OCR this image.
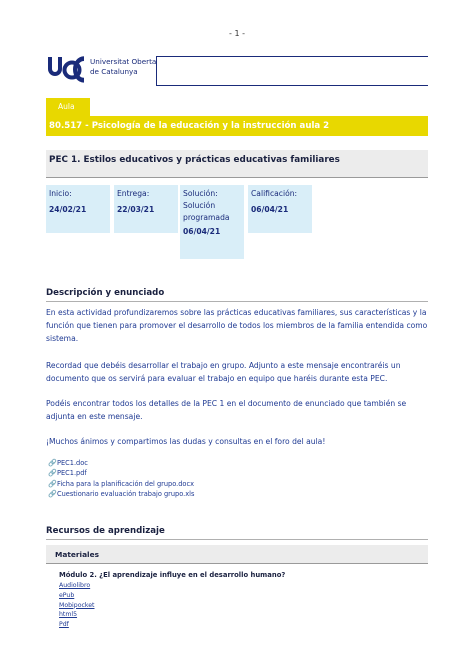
- 1 -
Universitat Oberta
de Catalunya
Aula
80.517 - Psicología de la educación y la instrucción aula 2
PEC 1. Estilos educativos y prácticas educativas familiares
Inicio:
24/02/21
Entrega:
22/03/21
Solución:
Solución
programada
06/04/21
Calificación:
06/04/21
Descripción y enunciado

En esta actividad profundizaremos sobre las prácticas educativas familiares, sus características y la función que tienen para promover el desarrollo de todos los miembros de la familia entendida como sistema.

Recordad que debéis desarrollar el trabajo en grupo. Adjunto a este mensaje encontraréis un documento que os servirá para evaluar el trabajo en equipo que haréis durante esta PEC.

Podéis encontrar todos los detalles de la PEC 1 en el documento de enunciado que también se adjunta en este mensaje.

¡Muchos ánimos y compartimos las dudas y consultas en el foro del aula!

🔗 PEC1.doc
🔗 PEC1.pdf
🔗 Ficha para la planificación del grupo.docx
🔗 Cuestionario evaluación trabajo grupo.xls
Recursos de aprendizaje
Materiales
Módulo 2. ¿El aprendizaje influye en el desarrollo humano?
Audiolibro
ePub
Mobipocket
html5
Pdf
